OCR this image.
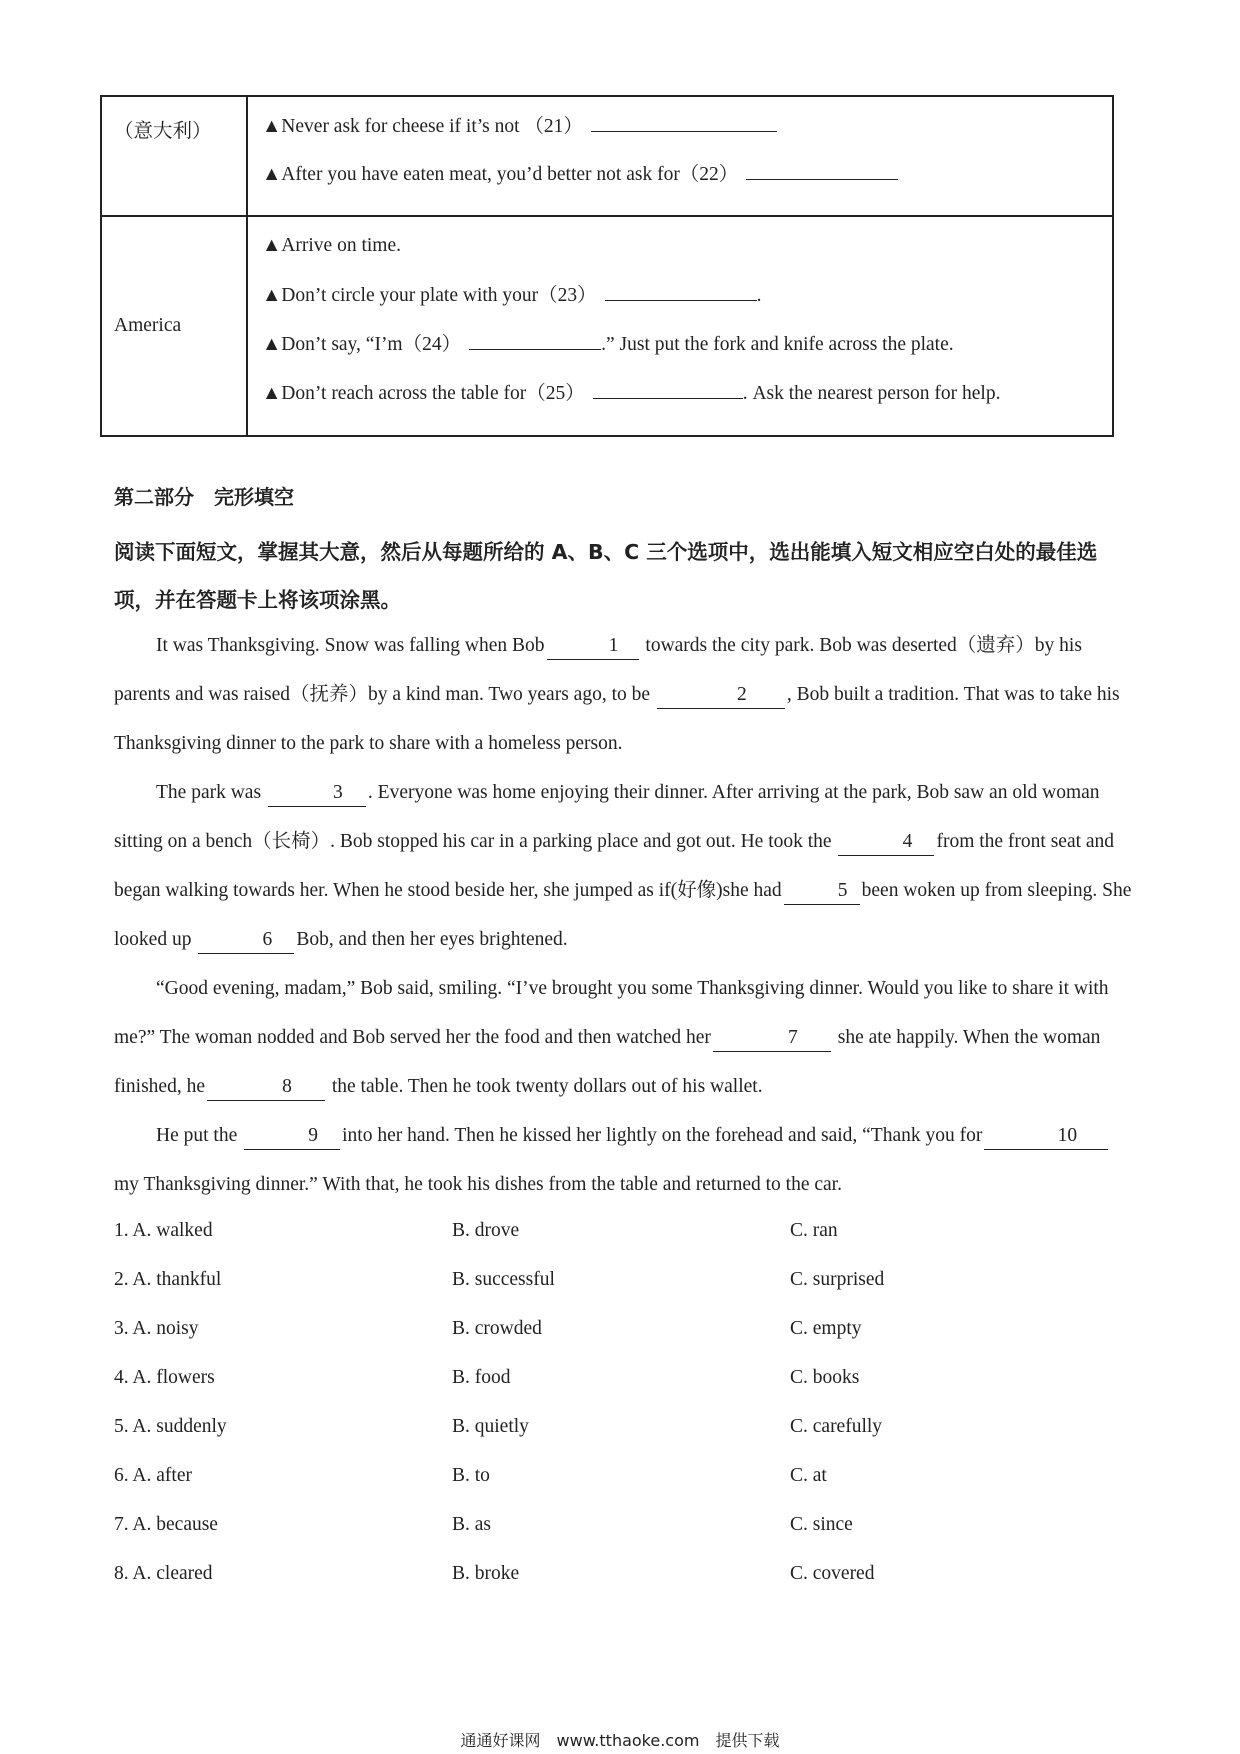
（意大利）	▲Never ask for cheese if it’s not （21）
▲After you have eaten meat, you’d better not ask for（22）
America
▲Arrive on time.
▲Don’t circle your plate with your（23）	.
▲Don’t say, “I’m（24）	.” Just put the fork and knife across the plate.
▲Don’t reach across the table for（25）	. Ask the nearest person for help.
第二部分　完形填空
阅读下面短文，掌握其大意，然后从每题所给的 A、B、C 三个选项中，选出能填入短文相应空白处的最佳选项，并在答题卡上将该项涂黑。

It was Thanksgiving. Snow was falling when Bob	1 towards the city park. Bob was deserted（遗弃）by his parents and was raised（抚养）by a kind man. Two years ago, to be	2 , Bob built a tradition. That was to take his Thanksgiving dinner to the park to share with a homeless person.

The park was	3 . Everyone was home enjoying their dinner. After arriving at the park, Bob saw an old woman sitting on a bench（长椅）. Bob stopped his car in a parking place and got out. He took the	4 from the front seat and began walking towards her. When he stood beside her, she jumped as if(好像)she had	5 been woken up from sleeping. She looked up	6 Bob, and then her eyes brightened.

“Good evening, madam,” Bob said, smiling. “I’ve brought you some Thanksgiving dinner. Would you like to share it with me?” The woman nodded and Bob served her the food and then watched her	7 she ate happily. When the woman finished, he	8 the table. Then he took twenty dollars out of his wallet.

He put the	9 into her hand. Then he kissed her lightly on the forehead and said, “Thank you for	10my Thanksgiving dinner.” With that, he took his dishes from the table and returned to the car.

1. A. walked	B. drove	C. ran
2. A. thankful	B. successful	C. surprised
3. A. noisy	B. crowded	C. empty
4. A. flowers	B. food	C. books
5. A. suddenly	B. quietly	C. carefully
6. A. after	B. to	C. at
7. A. because	B. as	C. since
8. A. cleared	B. broke	C. covered
通通好课网　www.tthaoke.com　提供下载
